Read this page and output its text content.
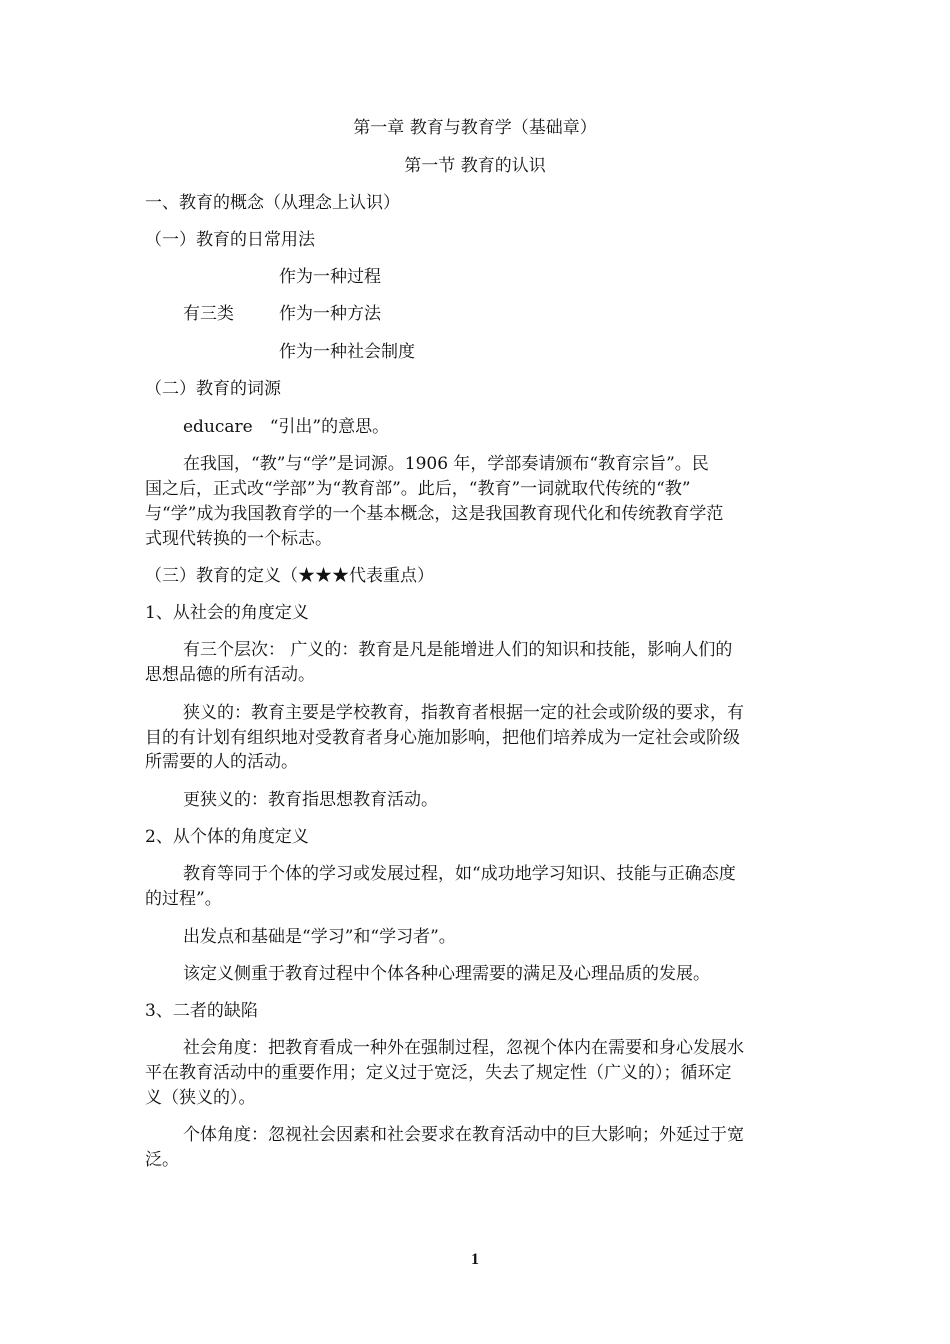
第一章 教育与教育学（基础章）
第一节 教育的认识
一、教育的概念（从理念上认识）
（一）教育的日常用法
作为一种过程
有三类	作为一种方法
作为一种社会制度
（二）教育的词源
educare　“引出”的意思。
在我国，“教”与“学”是词源。1906 年，学部奏请颁布“教育宗旨”。民
国之后，正式改“学部”为“教育部”。此后，“教育”一词就取代传统的“教”
与“学”成为我国教育学的一个基本概念，这是我国教育现代化和传统教育学范
式现代转换的一个标志。
（三）教育的定义（★★★代表重点）
1、从社会的角度定义
有三个层次： 广义的：教育是凡是能增进人们的知识和技能，影响人们的
思想品德的所有活动。
狭义的：教育主要是学校教育，指教育者根据一定的社会或阶级的要求，有
目的有计划有组织地对受教育者身心施加影响，把他们培养成为一定社会或阶级
所需要的人的活动。
更狭义的：教育指思想教育活动。
2、从个体的角度定义
教育等同于个体的学习或发展过程，如“成功地学习知识、技能与正确态度
的过程”。
出发点和基础是“学习”和“学习者”。
该定义侧重于教育过程中个体各种心理需要的满足及心理品质的发展。
3、二者的缺陷
社会角度：把教育看成一种外在强制过程，忽视个体内在需要和身心发展水
平在教育活动中的重要作用；定义过于宽泛，失去了规定性（广义的）；循环定
义（狭义的）。
个体角度：忽视社会因素和社会要求在教育活动中的巨大影响；外延过于宽
泛。
1
